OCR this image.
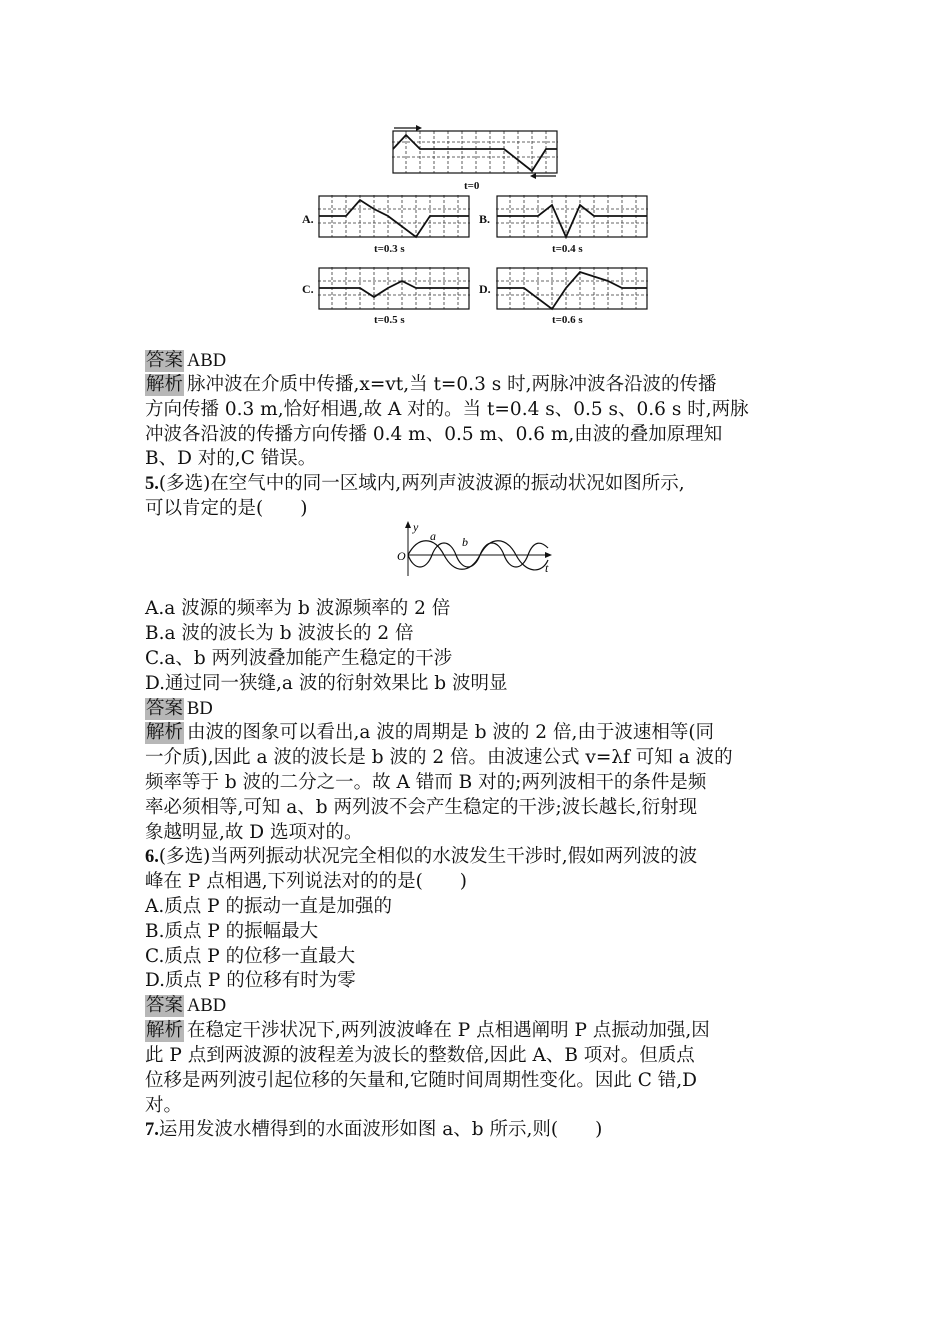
t=0
A.
t=0.3 s
B.
t=0.4 s
C.
t=0.5 s
D.
t=0.6 s
答案 ABD
解析 脉冲波在介质中传播,x=vt,当 t=0.3 s 时,两脉冲波各沿波的传播
方向传播 0.3 m,恰好相遇,故 A 对的。当 t=0.4 s、0.5 s、0.6 s 时,两脉
冲波各沿波的传播方向传播 0.4 m、0.5 m、0.6 m,由波的叠加原理知
B、D 对的,C 错误。
5.(多选)在空气中的同一区域内,两列声波波源的振动状况如图所示,
可以肯定的是(　　)
y
O
a b
t
A.a 波源的频率为 b 波源频率的 2 倍
B.a 波的波长为 b 波波长的 2 倍
C.a、b 两列波叠加能产生稳定的干涉
D.通过同一狭缝,a 波的衍射效果比 b 波明显
答案 BD
解析 由波的图象可以看出,a 波的周期是 b 波的 2 倍,由于波速相等(同
一介质),因此 a 波的波长是 b 波的 2 倍。由波速公式 v=λf 可知 a 波的
频率等于 b 波的二分之一。故 A 错而 B 对的;两列波相干的条件是频
率必须相等,可知 a、b 两列波不会产生稳定的干涉;波长越长,衍射现
象越明显,故 D 选项对的。
6.(多选)当两列振动状况完全相似的水波发生干涉时,假如两列波的波
峰在 P 点相遇,下列说法对的的是(　　)
A.质点 P 的振动一直是加强的
B.质点 P 的振幅最大
C.质点 P 的位移一直最大
D.质点 P 的位移有时为零
答案 ABD
解析 在稳定干涉状况下,两列波波峰在 P 点相遇阐明 P 点振动加强,因
此 P 点到两波源的波程差为波长的整数倍,因此 A、B 项对。但质点
位移是两列波引起位移的矢量和,它随时间周期性变化。因此 C 错,D
对。
7.运用发波水槽得到的水面波形如图 a、b 所示,则(　　)
